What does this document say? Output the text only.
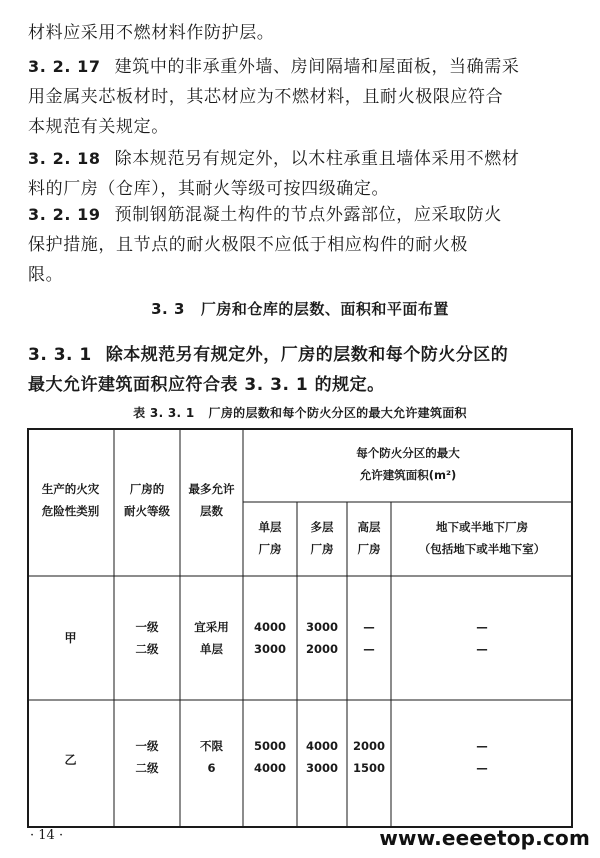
材料应采用不燃材料作防护层。
3. 2. 17 建筑中的非承重外墙、房间隔墙和屋面板，当确需采
用金属夹芯板材时，其芯材应为不燃材料，且耐火极限应符合
本规范有关规定。
3. 2. 18 除本规范另有规定外，以木柱承重且墙体采用不燃材
料的厂房（仓库），其耐火等级可按四级确定。
3. 2. 19 预制钢筋混凝土构件的节点外露部位，应采取防火
保护措施，且节点的耐火极限不应低于相应构件的耐火极
限。
3. 3 厂房和仓库的层数、面积和平面布置
3. 3. 1 除本规范另有规定外，厂房的层数和每个防火分区的
最大允许建筑面积应符合表 3. 3. 1 的规定。
表 3. 3. 1 厂房的层数和每个防火分区的最大允许建筑面积
生产的火灾
危险性类别
厂房的
耐火等级
最多允许
层数
每个防火分区的最大
允许建筑面积(m²)
单层
厂房
多层
厂房
高层
厂房
地下或半地下厂房
（包括地下或半地下室）
甲
一级
二级
宜采用
单层
4000
3000
3000
2000
—
—
—
—
乙
一级
二级
不限
6
5000
4000
4000
3000
2000
1500
—
—
· 14 ·	www.eeeetop.com
